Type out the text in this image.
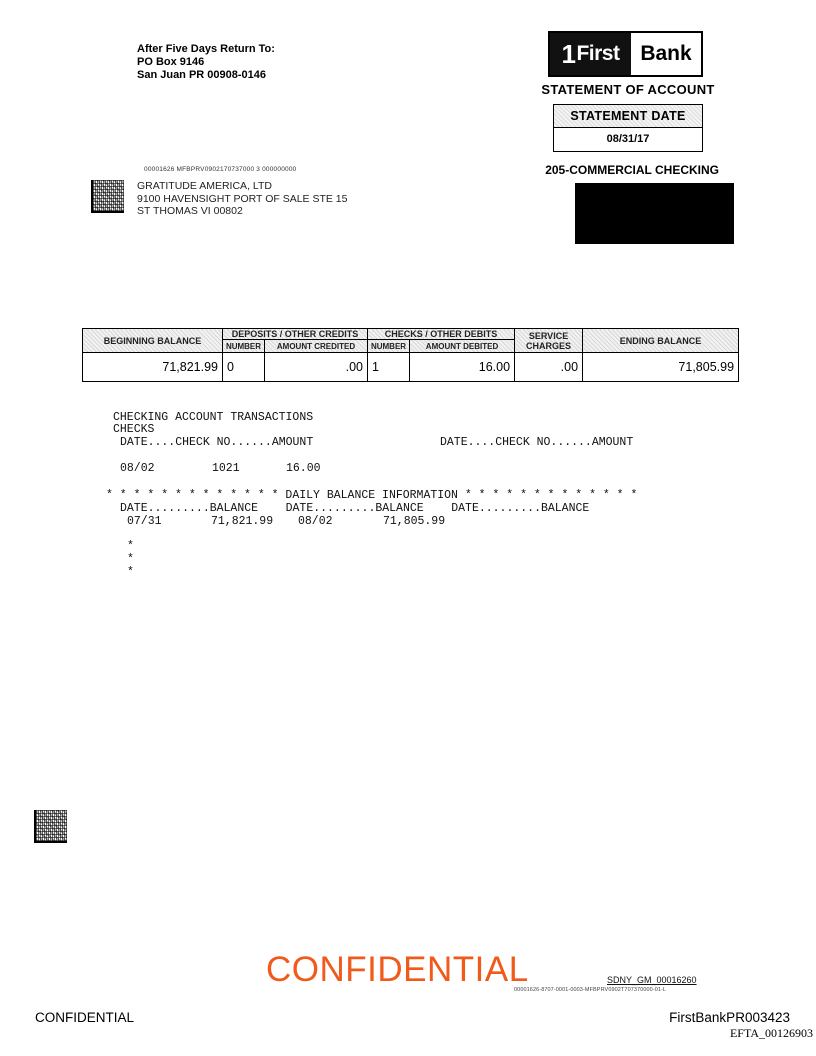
After Five Days Return To:
PO Box 9146
San Juan PR 00908-0146
1 First Bank
STATEMENT OF ACCOUNT
STATEMENT DATE
08/31/17
205-COMMERCIAL CHECKING
00001626 MFBPRV0902170737000 3 000000000
GRATITUDE AMERICA, LTD
9100 HAVENSIGHT PORT OF SALE STE 15
ST THOMAS VI 00802
BEGINNING BALANCE	DEPOSITS / OTHER CREDITS		CHECKS / OTHER DEBITS		SERVICE CHARGES	ENDING BALANCE
	NUMBER	AMOUNT CREDITED	NUMBER	AMOUNT DEBITED		
71,821.99	0	.00	1	16.00	.00	71,805.99
CHECKING ACCOUNT TRANSACTIONS
CHECKS
DATE....CHECK NO......AMOUNT	DATE....CHECK NO......AMOUNT
08/02	1021	16.00
* * * * * * * * * * * * * DAILY BALANCE INFORMATION * * * * * * * * * * * * *
DATE.........BALANCE    DATE.........BALANCE    DATE.........BALANCE
07/31	71,821.99 08/02	71,805.99
*
*
*
CONFIDENTIAL	SDNY_GM_00016260
00001626-8707-0001-0003-MFBPRV0902T707370000-01-L
CONFIDENTIAL	FirstBankPR003423
EFTA_00126903
